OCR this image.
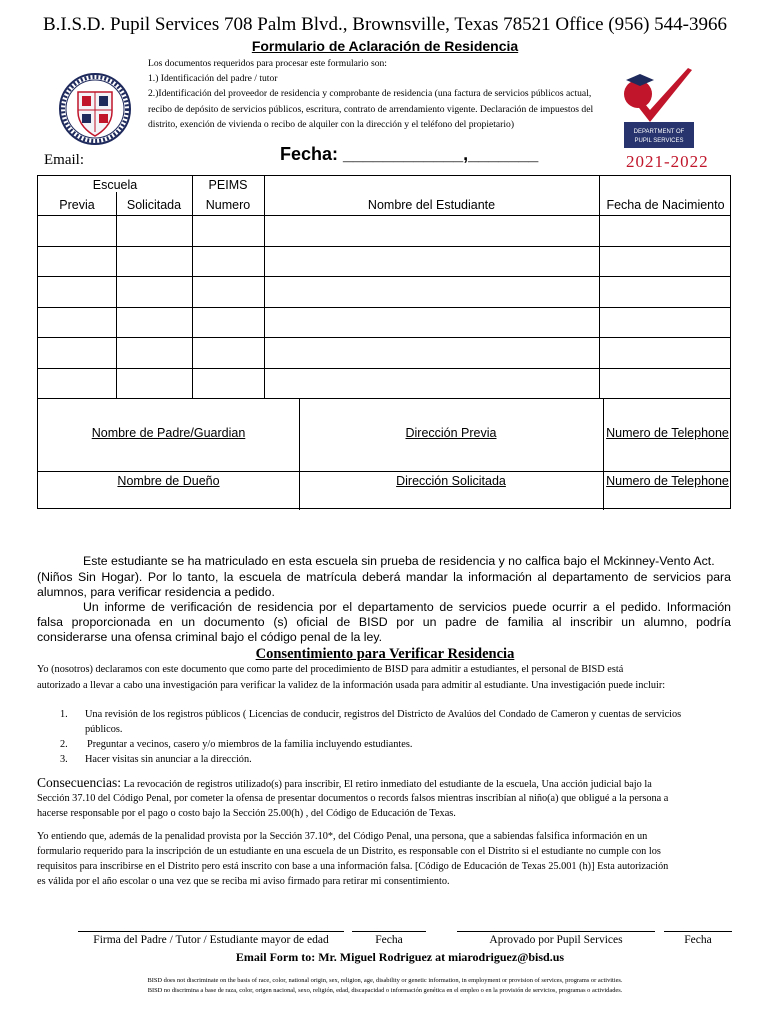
B.I.S.D. Pupil Services 708 Palm Blvd., Brownsville, Texas 78521 Office (956) 544-3966
Formulario de Aclaración de Residencia
Los documentos requeridos para procesar este formulario son:
1.) Identificación del padre / tutor
2.)Identificación del proveedor de residencia y comprobante de residencia (una factura de servicios públicos actual, recibo de depósito de servicios públicos, escritura, contrato de arrendamiento vigente. Declaración de impuestos del distrito, exención de vivienda o recibo de alquiler con la dirección y el teléfono del propietario)
DEPARTMENT OF
PUPIL SERVICES
Email:	Fecha: ____________,_______	2021-2022
Escuela	PEIMS
Previa	Solicitada	Numero	Nombre del Estudiante	Fecha de Nacimiento
Nombre de Padre/Guardian	Dirección Previa	Numero de Telephone
Nombre de Dueño	Dirección Solicitada	Numero de Telephone
Este estudiante se ha matriculado en esta escuela sin prueba de residencia y no calfica bajo el Mckinney-Vento Act.
(Niños Sin Hogar). Por lo tanto, la escuela de matrícula deberá mandar la información al departamento de servicios para
alumnos, para verificar residencia a pedido.
Un informe de verificación de residencia por el departamento de servicios puede ocurrir a el pedido. Información
falsa proporcionada en un documento (s) oficial de BISD por un padre de familia al inscribir un alumno, podría
considerarse una ofensa criminal bajo el código penal de la ley.
Consentimiento para Verificar Residencia
Yo (nosotros) declaramos con este documento que como parte del procedimiento de BISD para admitir a estudiantes, el personal de BISD está
autorizado a llevar a cabo una investigación para verificar la validez de la información usada para admitir al estudiante. Una investigación puede incluir:
1. Una revisión de los registros públicos ( Licencias de conducir, registros del Districto de Avalúos del Condado de Cameron y cuentas de servicios
públicos.
2. Preguntar a vecinos, casero y/o miembros de la familia incluyendo estudiantes.
3. Hacer visitas sin anunciar a la dirección.
Consecuencias: La revocación de registros utilizado(s) para inscribir, El retiro inmediato del estudiante de la escuela, Una acción judicial bajo la
Sección 37.10 del Código Penal, por cometer la ofensa de presentar documentos o records falsos mientras inscribían al niño(a) que obligué a la persona a
hacerse responsable por el pago o costo bajo la Sección 25.00(h) , del Código de Educación de Texas.
Yo entiendo que, además de la penalidad provista por la Sección 37.10*, del Código Penal, una persona, que a sabiendas falsifica información en un
formulario requerido para la inscripción de un estudiante en una escuela de un Distrito, es responsable con el Distrito si el estudiante no cumple con los
requisitos para inscribirse en el Distrito pero está inscrito con base a una información falsa. [Código de Educación de Texas 25.001 (h)] Esta autorización
es válida por el año escolar o una vez que se reciba mi aviso firmado para retirar mi consentimiento.
Firma del Padre / Tutor / Estudiante mayor de edad	Fecha	Aprovado por Pupil Services	Fecha
Email Form to: Mr. Miguel Rodriguez at miarodriguez@bisd.us
BISD does not discriminate on the basis of race, color, national origin, sex, religion, age, disability or genetic information, in employment or provision of services, programs or activities.
BISD no discrimina a base de raza, color, origen nacional, sexo, religión, edad, discapacidad o información genética en el empleo o en la provisión de servicios, programas o actividades.
